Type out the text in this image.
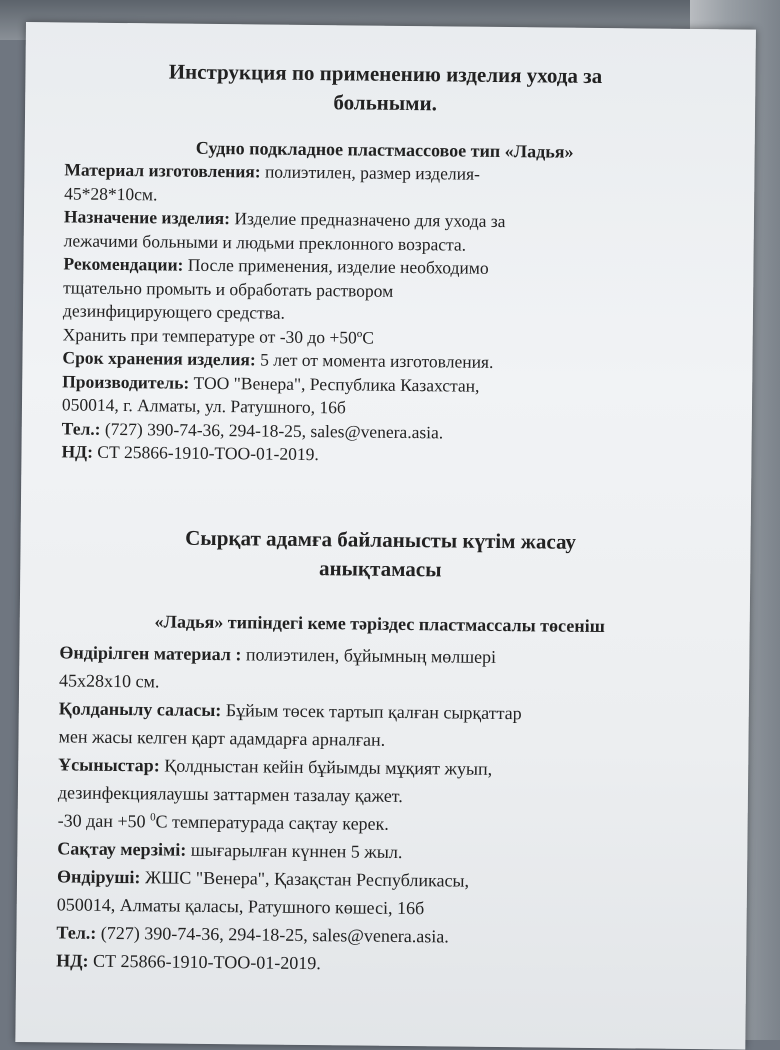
Инструкция по применению изделия ухода за
больными.
Судно подкладное пластмассовое тип «Ладья»
Материал изготовления: полиэтилен, размер изделия-
45*28*10см.
Назначение изделия: Изделие предназначено для ухода за
лежачими больными и людьми преклонного возраста.
Рекомендации: После применения, изделие необходимо
тщательно промыть и обработать раствором
дезинфицирующего средства.
Хранить при температуре от -30 до +50ºС
Срок хранения изделия: 5 лет от момента изготовления.
Производитель: ТОО "Венера", Республика Казахстан,
050014, г. Алматы, ул. Ратушного, 16б
Тел.: (727) 390-74-36, 294-18-25, sales@venera.asia.
НД: СТ 25866-1910-ТОО-01-2019.
Сырқат адамға байланысты күтім жасау
анықтамасы
«Ладья» типіндегі кеме тәріздес пластмассалы төсеніш
Өндірілген материал : полиэтилен, бұйымның мөлшері
45х28х10 см.
Қолданылу саласы: Бұйым төсек тартып қалған сырқаттар
мен жасы келген қарт адамдарға арналған.
Ұсыныстар: Қолдныстан кейін бұйымды мұқият жуып,
дезинфекциялаушы заттармен тазалау қажет.
-30 дан +50 $^0$С температурада сақтау керек.
Сақтау мерзімі: шығарылған күннен 5 жыл.
Өндіруші: ЖШС "Венера", Қазақстан Республикасы,
050014, Алматы қаласы, Ратушного көшесі, 16б
Тел.: (727) 390-74-36, 294-18-25, sales@venera.asia.
НД: СТ 25866-1910-ТОО-01-2019.
